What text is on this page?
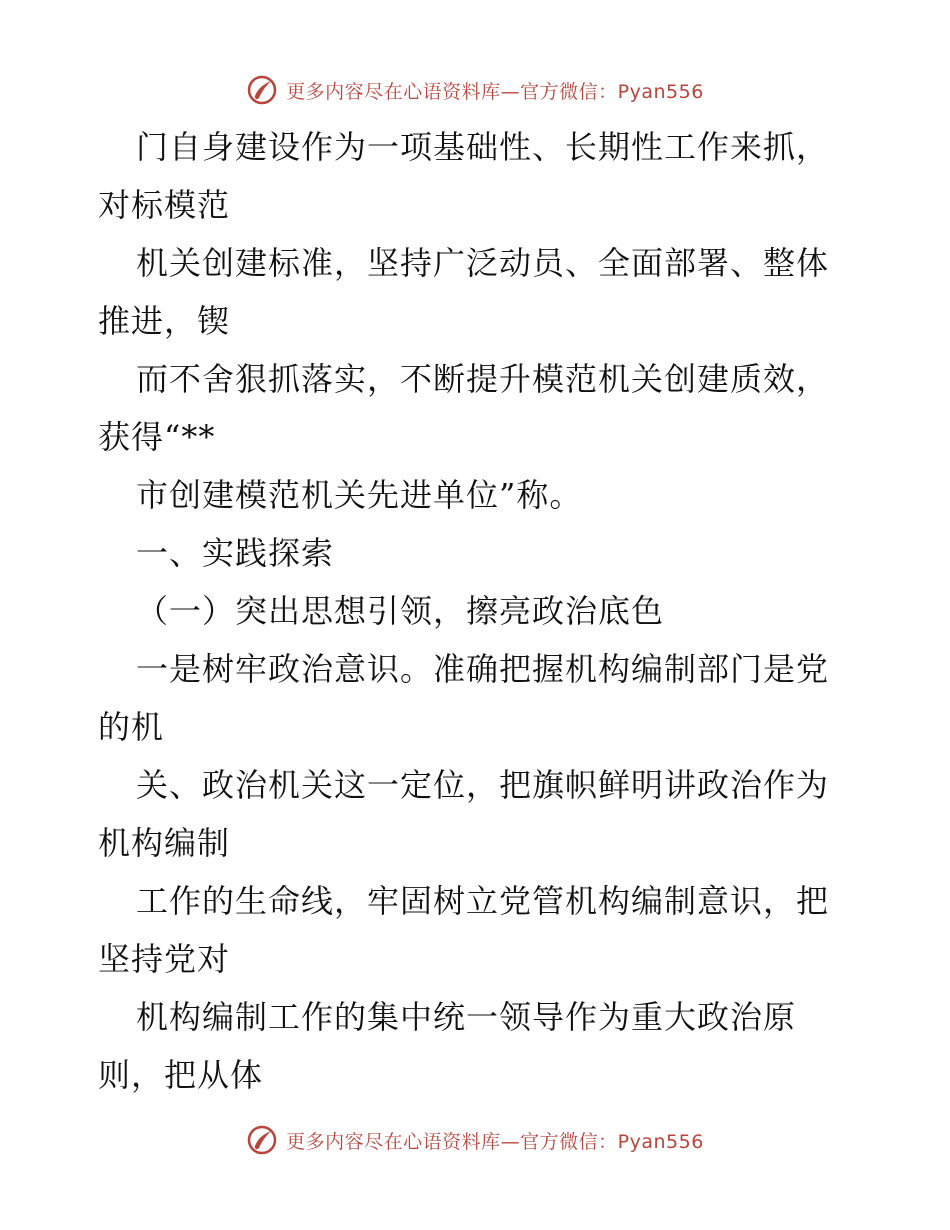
更多内容尽在心语资料库—官方微信：Pyan556
门自身建设作为一项基础性、长期性工作来抓，
对标模范
机关创建标准，坚持广泛动员、全面部署、整体
推进，锲
而不舍狠抓落实，不断提升模范机关创建质效，
获得“**
市创建模范机关先进单位”称。
一、实践探索
（一）突出思想引领，擦亮政治底色
一是树牢政治意识。准确把握机构编制部门是党
的机
关、政治机关这一定位，把旗帜鲜明讲政治作为
机构编制
工作的生命线，牢固树立党管机构编制意识，把
坚持党对
机构编制工作的集中统一领导作为重大政治原
则，把从体
更多内容尽在心语资料库—官方微信：Pyan556
